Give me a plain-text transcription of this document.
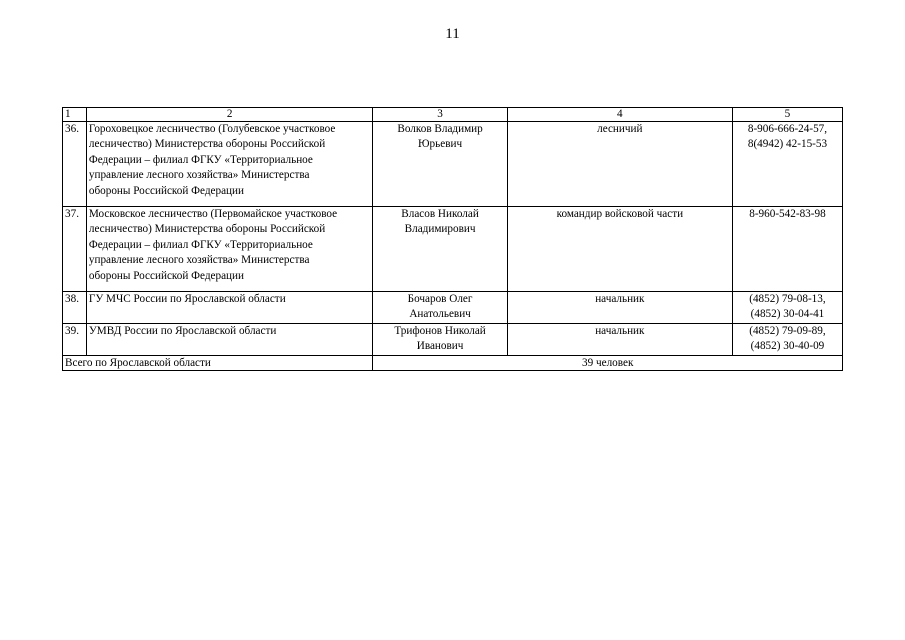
11
1	2	3	4	5
36.	Гороховецкое лесничество (Голубевское участковое
лесничество) Министерства обороны Российской
Федерации – филиал ФГКУ «Территориальное
управление лесного хозяйства» Министерства
обороны Российской Федерации	Волков Владимир
Юрьевич	лесничий	8-906-666-24-57,
8(4942) 42-15-53
37.	Московское лесничество (Первомайское участковое
лесничество) Министерства обороны Российской
Федерации – филиал ФГКУ «Территориальное
управление лесного хозяйства» Министерства
обороны Российской Федерации	Власов Николай
Владимирович	командир войсковой части	8-960-542-83-98
38.	ГУ МЧС России по Ярославской области	Бочаров Олег
Анатольевич	начальник	(4852) 79-08-13,
(4852) 30-04-41
39.	УМВД России по Ярославской области	Трифонов Николай
Иванович	начальник	(4852) 79-09-89,
(4852) 30-40-09
Всего по Ярославской области		39 человек		
